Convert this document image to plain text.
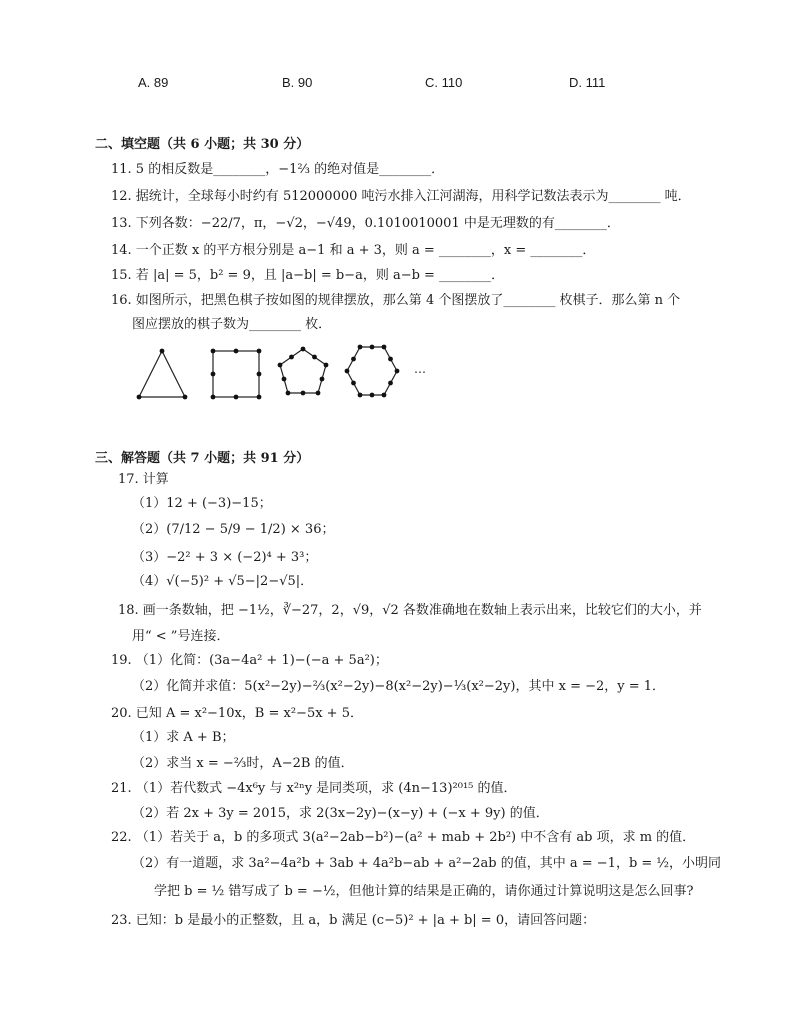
A. 89	B. 90	C. 110	D. 111
二、填空题（共 6 小题；共 30 分）
11. 5 的相反数是________，−1⅔ 的绝对值是________．
12. 据统计，全球每小时约有 512000000 吨污水排入江河湖海，用科学记数法表示为________ 吨．
13. 下列各数：−22/7，π，−√2，−√49，0.1010010001 中是无理数的有________．
14. 一个正数 x 的平方根分别是 a−1 和 a + 3，则 a = ________，x = ________．
15. 若 |a| = 5，b² = 9，且 |a−b| = b−a，则 a−b = ________．
16. 如图所示，把黑色棋子按如图的规律摆放，那么第 4 个图摆放了________ 枚棋子．那么第 n 个
图应摆放的棋子数为________ 枚．
…
三、解答题（共 7 小题；共 91 分）
17. 计算
（1）12 + (−3)−15；
（2）(7/12 − 5/9 − 1/2) × 36；
（3）−2² + 3 × (−2)⁴ + 3³；
（4）√(−5)² + √5−|2−√5|．
18. 画一条数轴，把 −1½，∛−27，2，√9，√2 各数准确地在数轴上表示出来，比较它们的大小，并
用“ < ”号连接．
19. （1）化简：(3a−4a² + 1)−(−a + 5a²)；
（2）化简并求值：5(x²−2y)−⅔(x²−2y)−8(x²−2y)−⅓(x²−2y)，其中 x = −2，y = 1．
20. 已知 A = x²−10x，B = x²−5x + 5．
（1）求 A + B；
（2）求当 x = −⅔时，A−2B 的值．
21. （1）若代数式 −4x⁶y 与 x²ⁿy 是同类项，求 (4n−13)²⁰¹⁵ 的值．
（2）若 2x + 3y = 2015，求 2(3x−2y)−(x−y) + (−x + 9y) 的值．
22. （1）若关于 a，b 的多项式 3(a²−2ab−b²)−(a² + mab + 2b²) 中不含有 ab 项，求 m 的值．
（2）有一道题，求 3a²−4a²b + 3ab + 4a²b−ab + a²−2ab 的值，其中 a = −1，b = ½，小明同
学把 b = ½ 错写成了 b = −½，但他计算的结果是正确的，请你通过计算说明这是怎么回事?
23. 已知：b 是最小的正整数，且 a，b 满足 (c−5)² + |a + b| = 0，请回答问题：
